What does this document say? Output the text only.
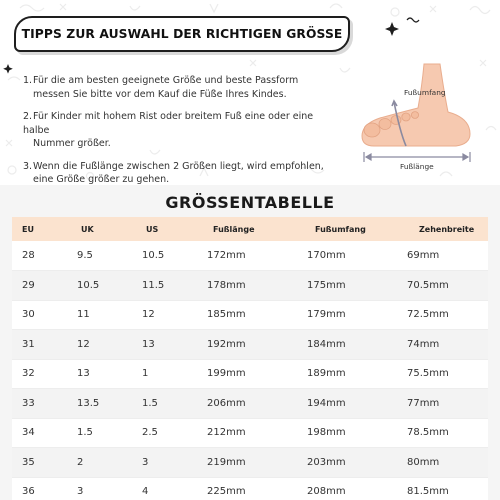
TIPPS ZUR AUSWAHL DER RICHTIGEN GRÖSSE
1.Für die am besten geeignete Größe und beste Passform
messen Sie bitte vor dem Kauf die Füße Ihres Kindes.
2.Für Kinder mit hohem Rist oder breitem Fuß eine oder eine halbe
Nummer größer.
3.Wenn die Fußlänge zwischen 2 Größen liegt, wird empfohlen,
eine Größe größer zu gehen.
Fußumfang
Fußlänge
GRÖSSENTABELLE
EU	UK	US	Fußlänge	Fußumfang	Zehenbreite
28	9.5	10.5	172mm	170mm	69mm
29	10.5	11.5	178mm	175mm	70.5mm
30	11	12	185mm	179mm	72.5mm
31	12	13	192mm	184mm	74mm
32	13	1	199mm	189mm	75.5mm
33	13.5	1.5	206mm	194mm	77mm
34	1.5	2.5	212mm	198mm	78.5mm
35	2	3	219mm	203mm	80mm
36	3	4	225mm	208mm	81.5mm
